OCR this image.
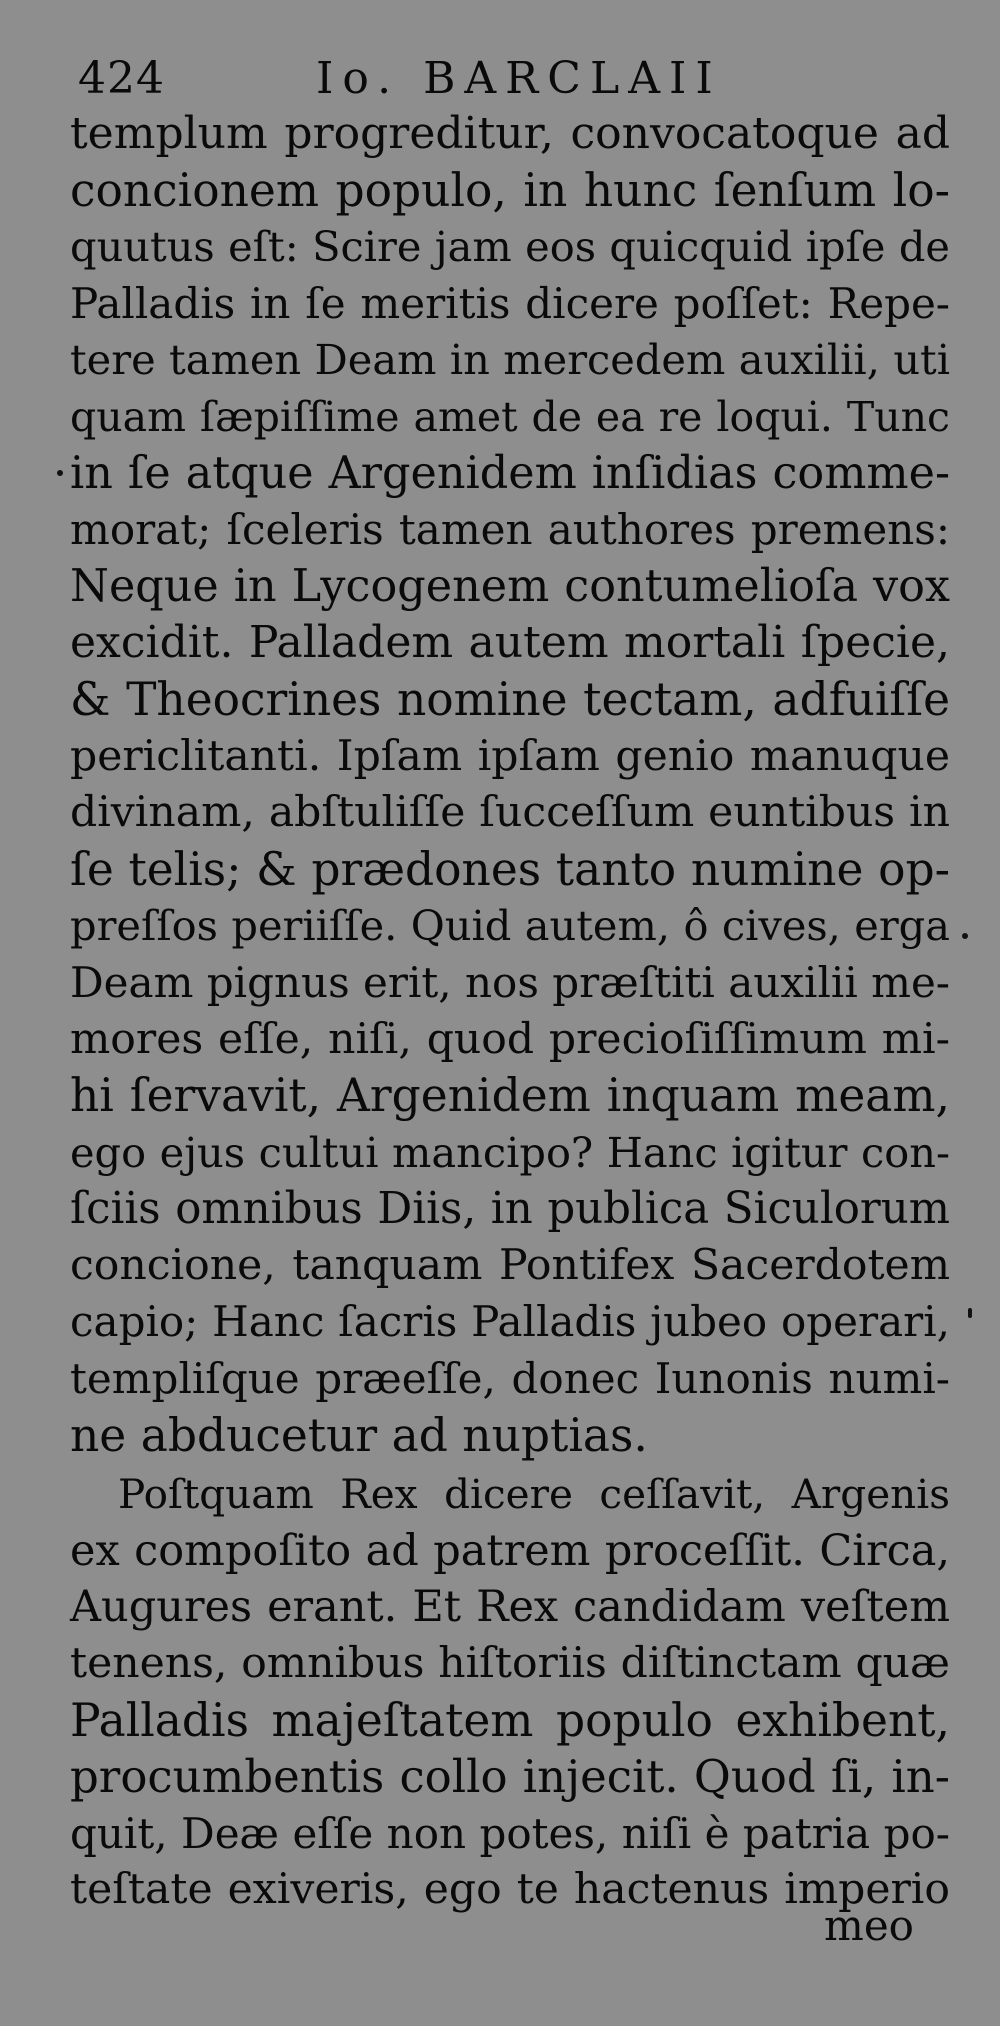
424	Io. BARCLAII
templum progreditur, convocatoque ad
concionem populo, in hunc ſenſum lo-
quutus eſt: Scire jam eos quicquid ipſe de
Palladis in ſe meritis dicere poſſet: Repe-
tere tamen Deam in mercedem auxilii, uti
quam ſæpiſſime amet de ea re loqui. Tunc
in ſe atque Argenidem inſidias comme-
morat; ſceleris tamen authores premens:
Neque in Lycogenem contumelioſa vox
excidit. Palladem autem mortali ſpecie,
& Theocrines nomine tectam, adfuiſſe
periclitanti. Ipſam ipſam genio manuque
divinam, abſtuliſſe ſucceſſum euntibus in
ſe telis; & prædones tanto numine op-
preſſos periiſſe. Quid autem, ô cives, erga
Deam pignus erit, nos præſtiti auxilii me-
mores eſſe, niſi, quod precioſiſſimum mi-
hi ſervavit, Argenidem inquam meam,
ego ejus cultui mancipo? Hanc igitur con-
ſciis omnibus Diis, in publica Siculorum
concione, tanquam Pontifex Sacerdotem
capio; Hanc ſacris Palladis jubeo operari,
templiſque præeſſe, donec Iunonis numi-
ne abducetur ad nuptias.
Poſtquam Rex dicere ceſſavit, Argenis
ex compoſito ad patrem proceſſit. Circa,
Augures erant. Et Rex candidam veſtem
tenens, omnibus hiſtoriis diſtinctam quæ
Palladis majeſtatem populo exhibent,
procumbentis collo injecit. Quod ſi, in-
quit, Deæ eſſe non potes, niſi è patria po-
teſtate exiveris, ego te hactenus imperio
meo
